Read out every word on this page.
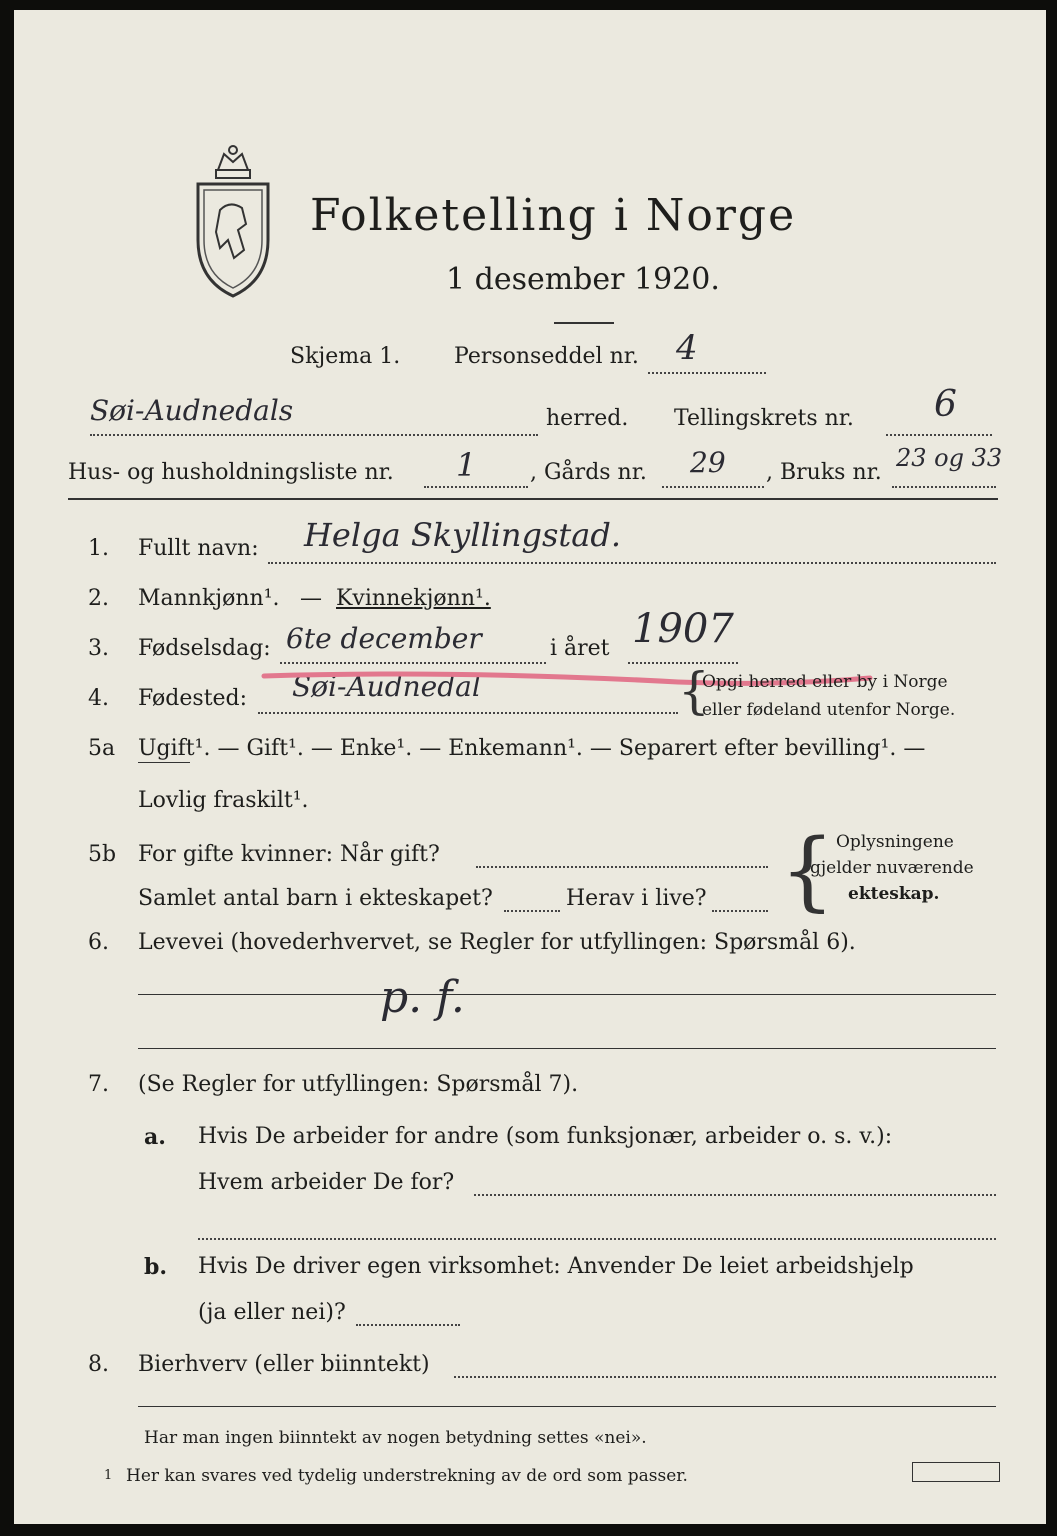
Folketelling i Norge
1 desember 1920.
Skjema 1. Personseddel nr. 4
Søi-Audnedals	herred. Tellingskrets nr. 6
Hus- og husholdningsliste nr. 1 , Gårds nr. 29 , Bruks nr.
23 og 33
1. Fullt navn: Helga Skyllingstad.
2. Mannkjønn¹. — Kvinnekjønn¹.
3. Fødselsdag: 6te december	i året 1907
4. Fødested: Søi-Audnedal	{
Opgi herred eller by i Norge
eller fødeland utenfor Norge.
5a Ugift¹. — Gift¹. — Enke¹. — Enkemann¹. — Separert efter bevilling¹. —
Lovlig fraskilt¹.
5b For gifte kvinner: Når gift?
Samlet antal barn i ekteskapet?	Herav i live? { Oplysningene
gjelder nuværende
ekteskap.
6. Levevei (hovederhvervet, se Regler for utfyllingen: Spørsmål 6).
p. f.
7. (Se Regler for utfyllingen: Spørsmål 7).
a. Hvis De arbeider for andre (som funksjonær, arbeider o. s. v.):
Hvem arbeider De for?
b. Hvis De driver egen virksomhet: Anvender De leiet arbeidshjelp
(ja eller nei)?
8. Bierhverv (eller biinntekt)
Har man ingen biinntekt av nogen betydning settes «nei».
1 Her kan svares ved tydelig understrekning av de ord som passer.
